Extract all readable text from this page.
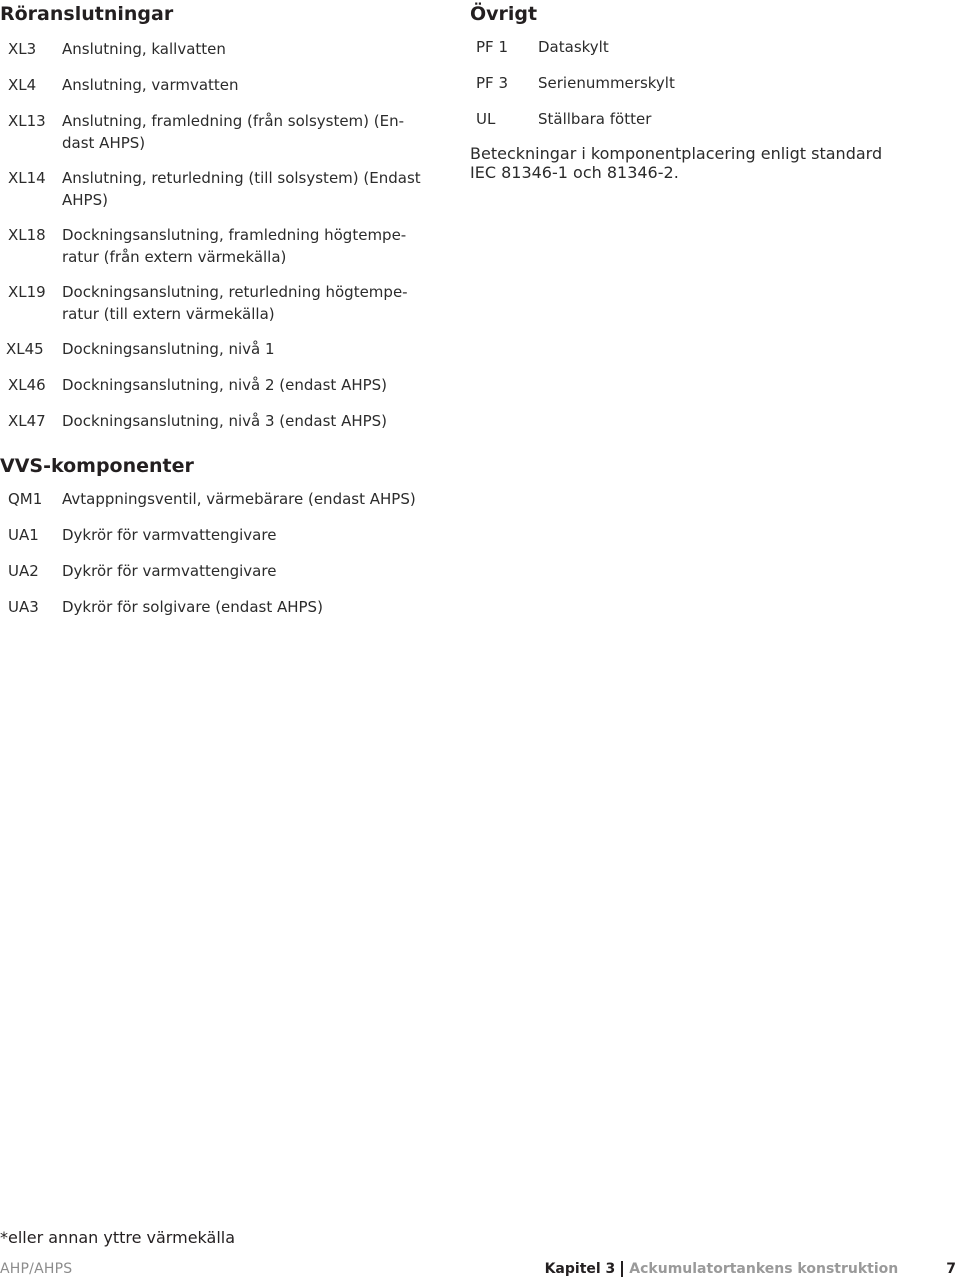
Röranslutningar
XL3	Anslutning, kallvatten
XL4	Anslutning, varmvatten
XL13	Anslutning, framledning (från solsystem) (En-
dast AHPS)
XL14	Anslutning, returledning (till solsystem) (Endast
AHPS)
XL18	Dockningsanslutning, framledning högtempe-
ratur (från extern värmekälla)
XL19	Dockningsanslutning, returledning högtempe-
ratur (till extern värmekälla)
XL45	Dockningsanslutning, nivå 1
XL46	Dockningsanslutning, nivå 2 (endast AHPS)
XL47	Dockningsanslutning, nivå 3 (endast AHPS)
VVS-komponenter
QM1	Avtappningsventil, värmebärare (endast AHPS)
UA1	Dykrör för varmvattengivare
UA2	Dykrör för varmvattengivare
UA3	Dykrör för solgivare (endast AHPS)
Övrigt
PF 1	Dataskylt
PF 3	Serienummerskylt
UL	Ställbara fötter

Beteckningar i komponentplacering enligt standard IEC 81346-1 och 81346-2.

*eller annan yttre värmekälla
AHP/AHPS	Kapitel 3 Ackumulatortankens konstruktion	7
